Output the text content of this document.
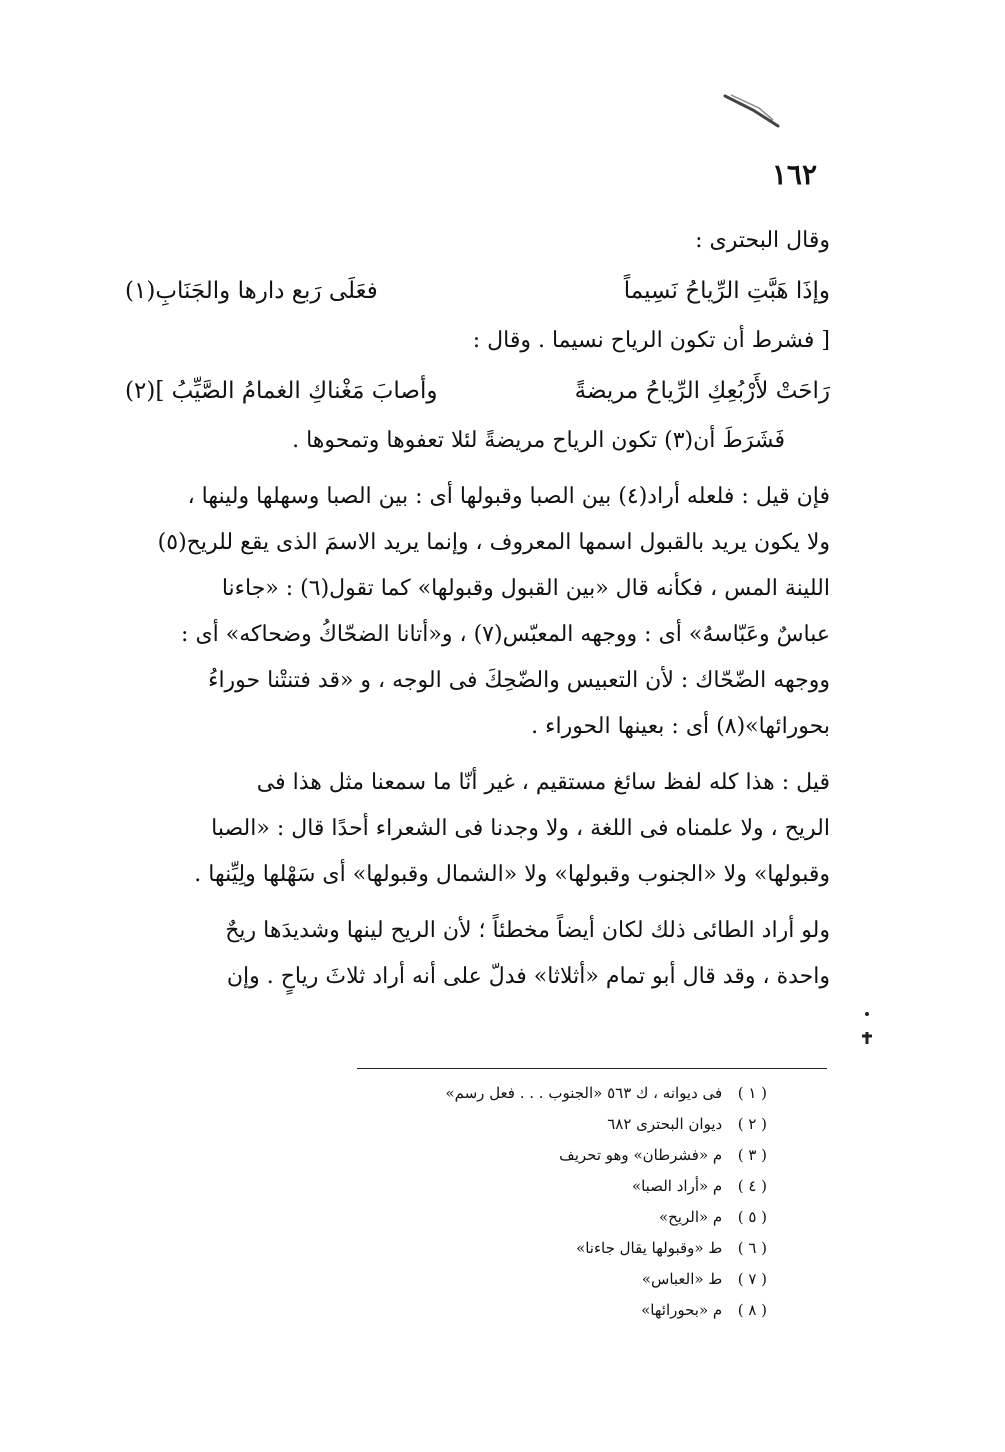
١٦٢
وقال البحترى :
وإذَا هَبَّتِ الرِّياحُ نَسِيماً
فعَلَى رَبع دارها والجَنَابِ(١)
[ فشرط أن تكون الرياح نسيما . وقال :
رَاحَتْ لأَرْبُعِكِ الرِّياحُ مريضةً
وأصابَ مَغْناكِ الغمامُ الصَّيِّبُ ](٢)
فَشَرَطَ أن(٣) تكون الرياح مريضةً لئلا تعفوها وتمحوها .
فإن قيل : فلعله أراد(٤) بين الصبا وقبولها أى : بين الصبا وسهلها ولينها ،
ولا يكون يريد بالقبول اسمها المعروف ، وإنما يريد الاسمَ الذى يقع للريح(٥)
اللينة المس ، فكأنه قال «بين القبول وقبولها» كما تقول(٦) : «جاءنا
عباسٌ وعَبّاسهُ» أى : ووجهه المعبّس(٧) ، و«أتانا الضحّاكُ وضحاكه» أى :
ووجهه الضّحّاك : لأن التعبيس والضّحِكَ فى الوجه ، و «قد فتنتْنا حوراءُ
بحورائها»(٨) أى : بعينها الحوراء .
قيل : هذا كله لفظ سائغ مستقيم ، غير أنّا ما سمعنا مثل هذا فى
الريح ، ولا علمناه فى اللغة ، ولا وجدنا فى الشعراء أحدًا قال : «الصبا
وقبولها» ولا «الجنوب وقبولها» ولا «الشمال وقبولها» أى سَهْلها ولِيِّنها .
ولو أراد الطائى ذلك لكان أيضاً مخطئاً ؛ لأن الريح لينها وشديدَها ريحٌ
واحدة ، وقد قال أبو تمام «أثلاثا» فدلّ على أنه أراد ثلاثَ رياحٍ . وإن
( ١ ) فى ديوانه ، ك ٥٦٣ «الجنوب . . . فعل رسم»
( ٢ ) ديوان البحترى ٦٨٢
( ٣ ) م «فشرطان» وهو تحريف
( ٤ ) م «أراد الصبا»
( ٥ ) م «الريح»
( ٦ ) ط «وقبولها يقال جاءنا»
( ٧ ) ط «العباس»
( ٨ ) م «بحورائها»
